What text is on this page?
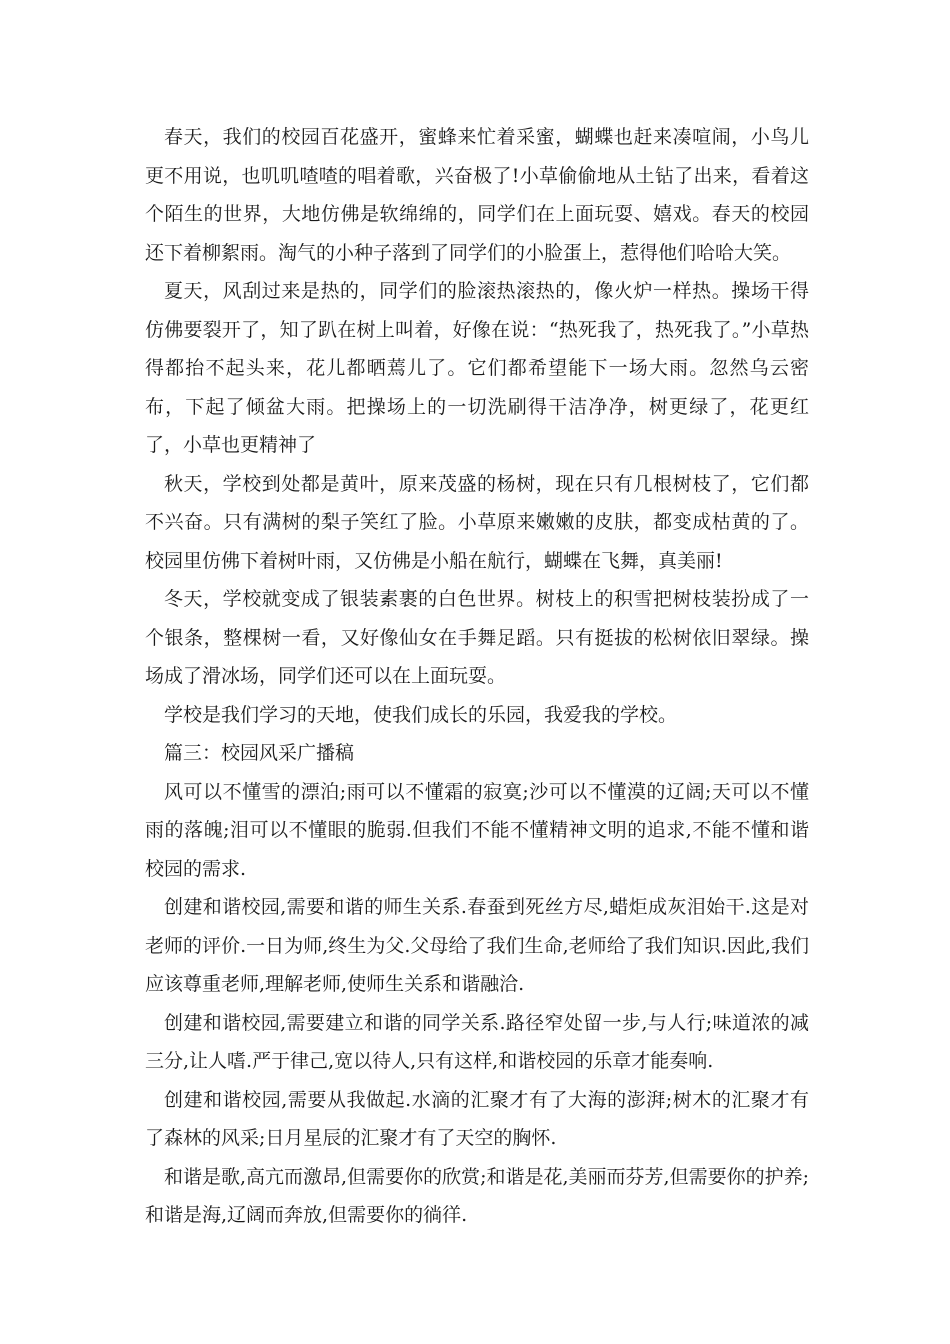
春天，我们的校园百花盛开，蜜蜂来忙着采蜜，蝴蝶也赶来凑喧闹，小鸟儿更不用说，也叽叽喳喳的唱着歌，兴奋极了!小草偷偷地从土钻了出来，看着这个陌生的世界，大地仿佛是软绵绵的，同学们在上面玩耍、嬉戏。春天的校园还下着柳絮雨。淘气的小种子落到了同学们的小脸蛋上，惹得他们哈哈大笑。

夏天，风刮过来是热的，同学们的脸滚热滚热的，像火炉一样热。操场干得仿佛要裂开了，知了趴在树上叫着，好像在说：“热死我了，热死我了。”小草热得都抬不起头来，花儿都晒蔫儿了。它们都希望能下一场大雨。忽然乌云密布，下起了倾盆大雨。把操场上的一切洗刷得干洁净净，树更绿了，花更红了，小草也更精神了

秋天，学校到处都是黄叶，原来茂盛的杨树，现在只有几根树枝了，它们都不兴奋。只有满树的梨子笑红了脸。小草原来嫩嫩的皮肤，都变成枯黄的了。校园里仿佛下着树叶雨，又仿佛是小船在航行，蝴蝶在飞舞，真美丽!

冬天，学校就变成了银装素裹的白色世界。树枝上的积雪把树枝装扮成了一个银条，整棵树一看，又好像仙女在手舞足蹈。只有挺拔的松树依旧翠绿。操场成了滑冰场，同学们还可以在上面玩耍。

学校是我们学习的天地，使我们成长的乐园，我爱我的学校。

篇三：校园风采广播稿

风可以不懂雪的漂泊;雨可以不懂霜的寂寞;沙可以不懂漠的辽阔;天可以不懂雨的落魄;泪可以不懂眼的脆弱.但我们不能不懂精神文明的追求,不能不懂和谐校园的需求.

创建和谐校园,需要和谐的师生关系.春蚕到死丝方尽,蜡炬成灰泪始干.这是对老师的评价.一日为师,终生为父.父母给了我们生命,老师给了我们知识.因此,我们应该尊重老师,理解老师,使师生关系和谐融洽.

创建和谐校园,需要建立和谐的同学关系.路径窄处留一步,与人行;味道浓的减三分,让人嗜.严于律己,宽以待人,只有这样,和谐校园的乐章才能奏响.

创建和谐校园,需要从我做起.水滴的汇聚才有了大海的澎湃;树木的汇聚才有了森林的风采;日月星辰的汇聚才有了天空的胸怀.

和谐是歌,高亢而激昂,但需要你的欣赏;和谐是花,美丽而芬芳,但需要你的护养;和谐是海,辽阔而奔放,但需要你的徜徉.
